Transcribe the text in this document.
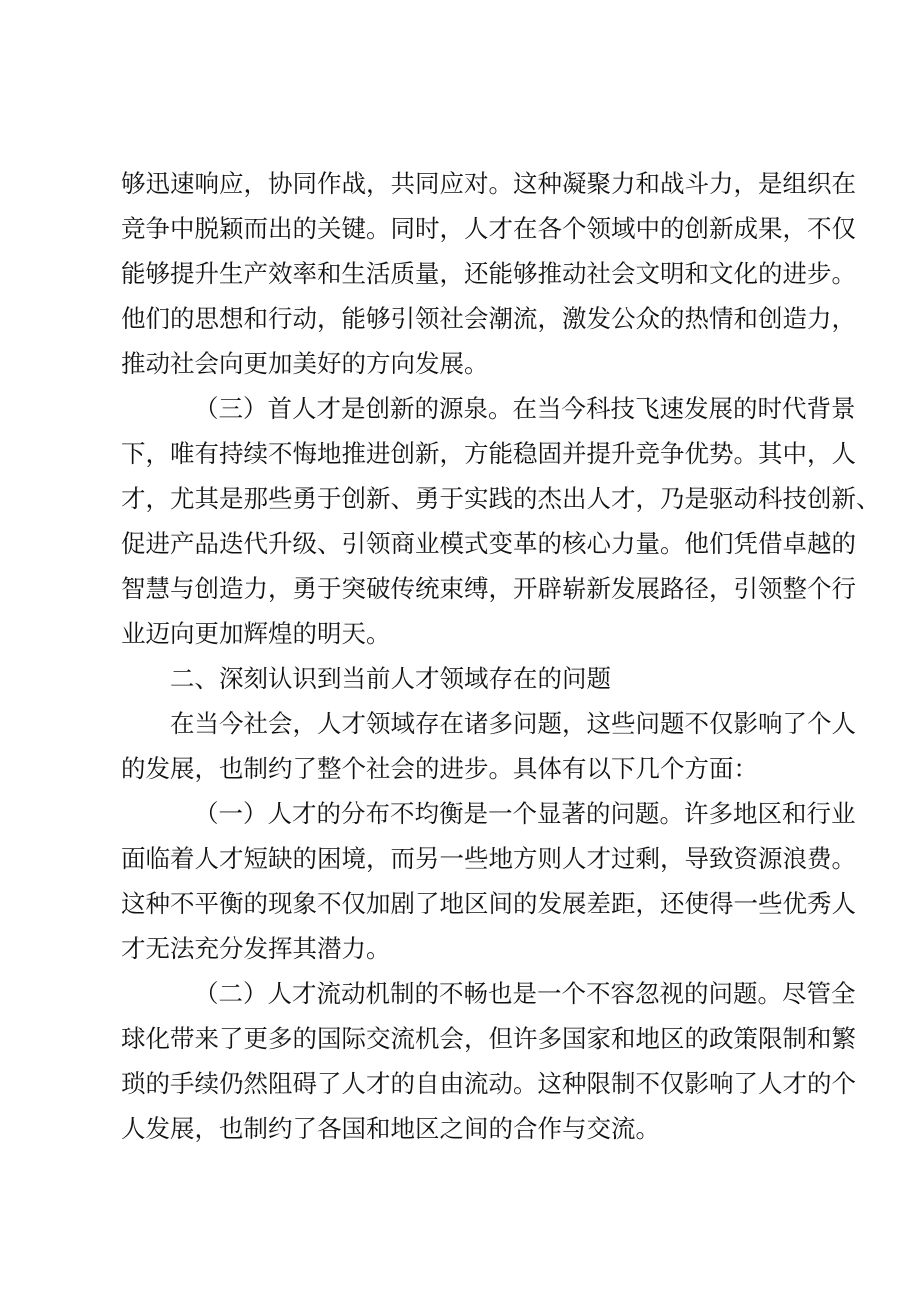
够迅速响应，协同作战，共同应对。这种凝聚力和战斗力，是组织在
竞争中脱颖而出的关键。同时，人才在各个领域中的创新成果，不仅
能够提升生产效率和生活质量，还能够推动社会文明和文化的进步。
他们的思想和行动，能够引领社会潮流，激发公众的热情和创造力，
推动社会向更加美好的方向发展。
（三）首人才是创新的源泉。在当今科技飞速发展的时代背景
下，唯有持续不悔地推进创新，方能稳固并提升竞争优势。其中，人
才，尤其是那些勇于创新、勇于实践的杰出人才，乃是驱动科技创新、
促进产品迭代升级、引领商业模式变革的核心力量。他们凭借卓越的
智慧与创造力，勇于突破传统束缚，开辟崭新发展路径，引领整个行
业迈向更加辉煌的明天。
二、深刻认识到当前人才领域存在的问题
在当今社会，人才领域存在诸多问题，这些问题不仅影响了个人
的发展，也制约了整个社会的进步。具体有以下几个方面：
（一）人才的分布不均衡是一个显著的问题。许多地区和行业
面临着人才短缺的困境，而另一些地方则人才过剩，导致资源浪费。
这种不平衡的现象不仅加剧了地区间的发展差距，还使得一些优秀人
才无法充分发挥其潜力。
（二）人才流动机制的不畅也是一个不容忽视的问题。尽管全
球化带来了更多的国际交流机会，但许多国家和地区的政策限制和繁
琐的手续仍然阻碍了人才的自由流动。这种限制不仅影响了人才的个
人发展，也制约了各国和地区之间的合作与交流。
